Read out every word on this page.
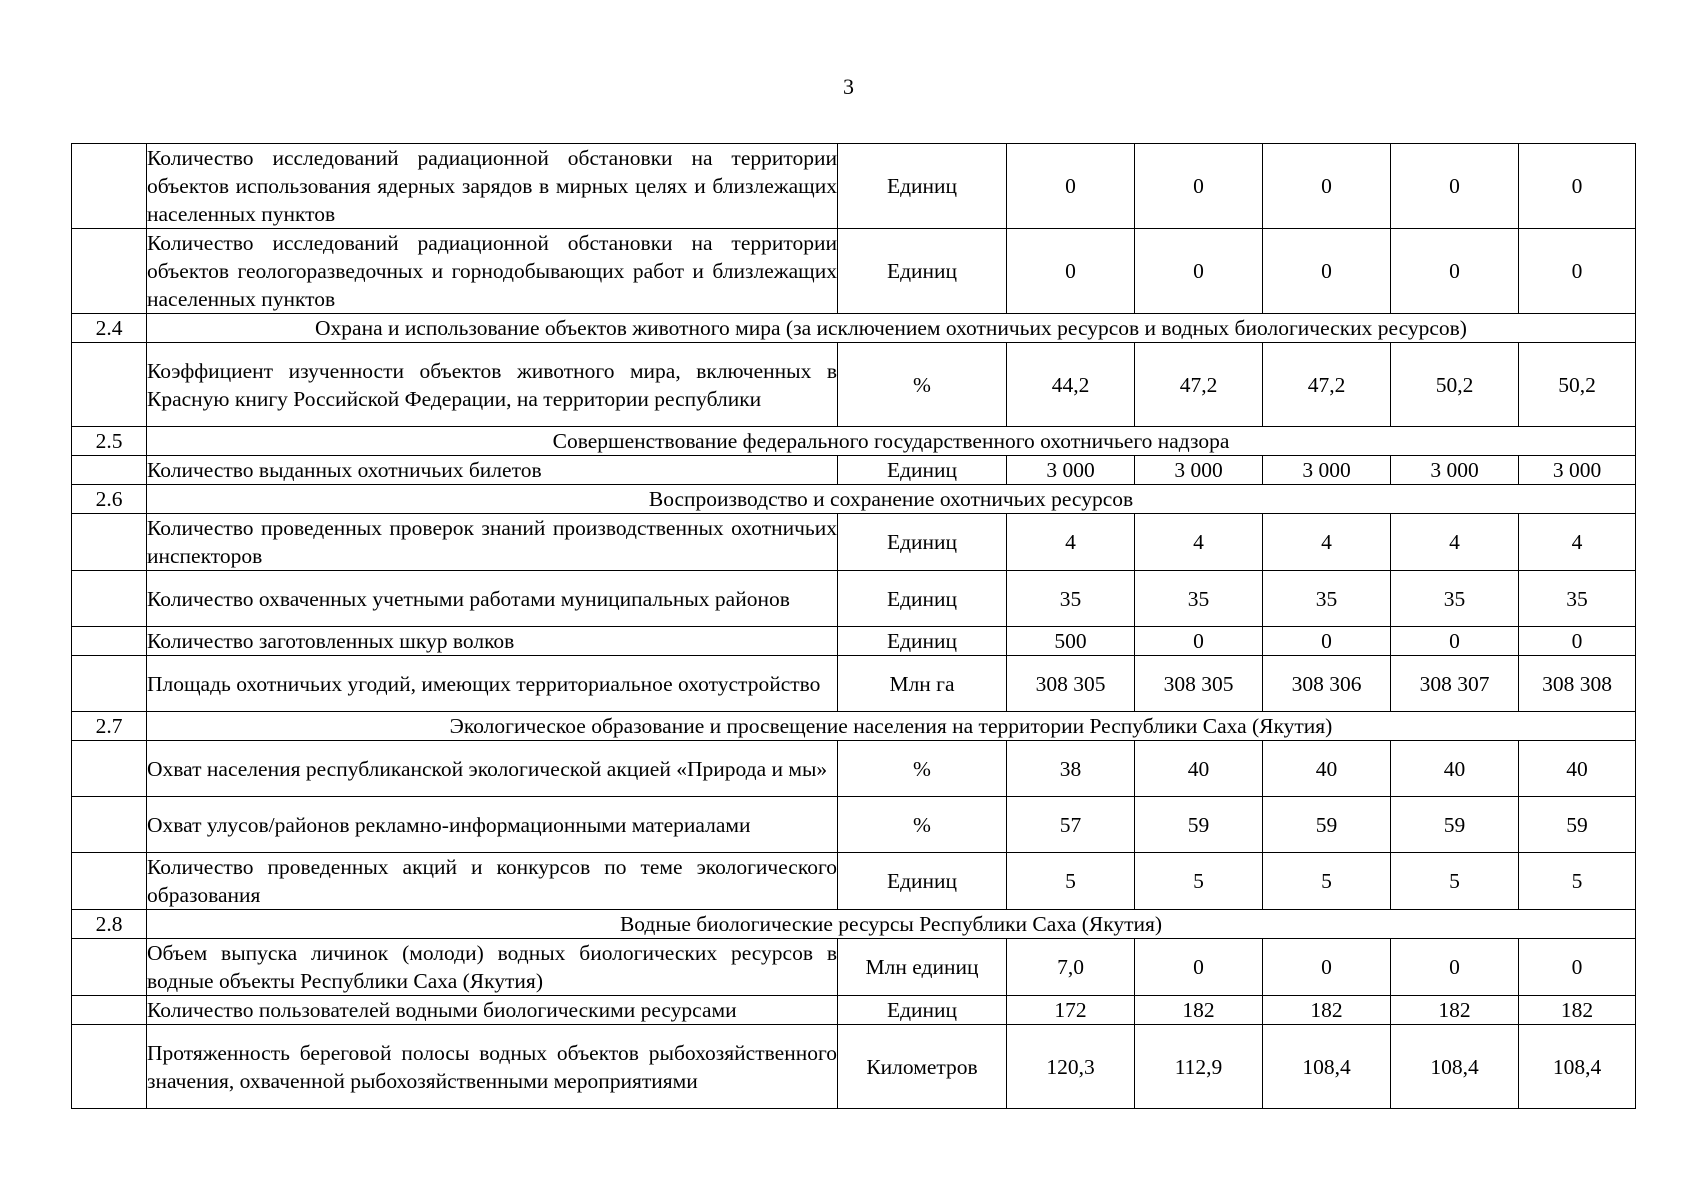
3
	Количество исследований радиационной обстановки на территории объектов использования ядерных зарядов в мирных целях и близлежащих населенных пунктов	Единиц	0	0	0	0	0
	Количество исследований радиационной обстановки на территории объектов геологоразведочных и горнодобывающих работ и близлежащих населенных пунктов	Единиц	0	0	0	0	0
2.4	Охрана и использование объектов животного мира (за исключением охотничьих ресурсов и водных биологических ресурсов)						
	Коэффициент изученности объектов животного мира, включенных в Красную книгу Российской Федерации, на территории республики	%	44,2	47,2	47,2	50,2	50,2
2.5	Совершенствование федерального государственного охотничьего надзора						
	Количество выданных охотничьих билетов	Единиц	3 000	3 000	3 000	3 000	3 000
2.6	Воспроизводство и сохранение охотничьих ресурсов						
	Количество проведенных проверок знаний производственных охотничьих инспекторов	Единиц	4	4	4	4	4
	Количество охваченных учетными работами муниципальных районов	Единиц	35	35	35	35	35
	Количество заготовленных шкур волков	Единиц	500	0	0	0	0
	Площадь охотничьих угодий, имеющих территориальное охотустройство	Млн га	308 305	308 305	308 306	308 307	308 308
2.7	Экологическое образование и просвещение населения на территории Республики Саха (Якутия)						
	Охват населения республиканской экологической акцией «Природа и мы»	%	38	40	40	40	40
	Охват улусов/районов рекламно-информационными материалами	%	57	59	59	59	59
	Количество проведенных акций и конкурсов по теме экологического образования	Единиц	5	5	5	5	5
2.8	Водные биологические ресурсы Республики Саха (Якутия)						
	Объем выпуска личинок (молоди) водных биологических ресурсов в водные объекты Республики Саха (Якутия)	Млн единиц	7,0	0	0	0	0
	Количество пользователей водными биологическими ресурсами	Единиц	172	182	182	182	182
	Протяженность береговой полосы водных объектов рыбохозяйственного значения, охваченной рыбохозяйственными мероприятиями	Километров	120,3	112,9	108,4	108,4	108,4
